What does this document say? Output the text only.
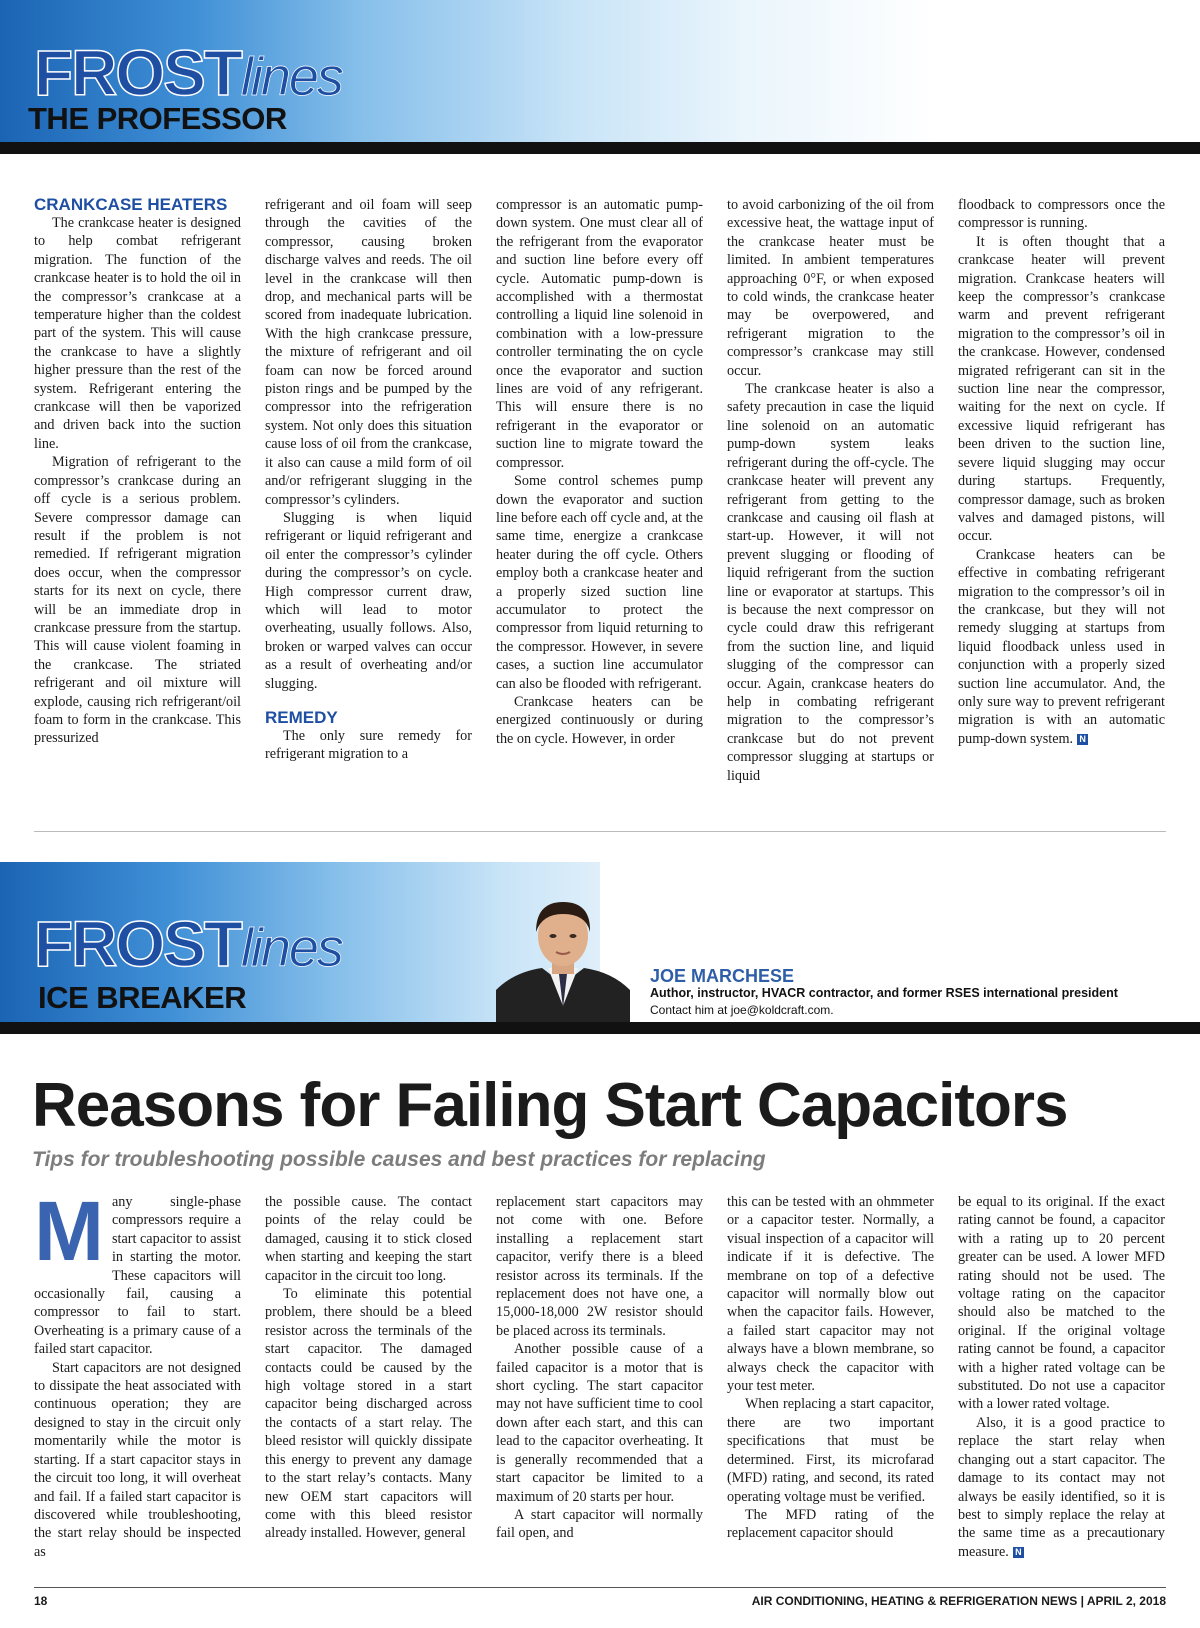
FROSTlines
THE PROFESSOR

CRANKCASE HEATERS

The crankcase heater is designed to help combat refrigerant migration. The function of the crankcase heater is to hold the oil in the compressor’s crankcase at a temperature higher than the coldest part of the system. This will cause the crankcase to have a slightly higher pressure than the rest of the system. Refrigerant entering the crankcase will then be vaporized and driven back into the suction line.

Migration of refrigerant to the compressor’s crankcase during an off cycle is a serious problem. Severe compressor damage can result if the problem is not remedied. If refrigerant migration does occur, when the compressor starts for its next on cycle, there will be an immediate drop in crankcase pressure from the startup. This will cause violent foaming in the crankcase. The striated refrigerant and oil mixture will explode, causing rich refrigerant/oil foam to form in the crankcase. This pressurized

refrigerant and oil foam will seep through the cavities of the compressor, causing broken discharge valves and reeds. The oil level in the crankcase will then drop, and mechanical parts will be scored from inadequate lubrication. With the high crankcase pressure, the mixture of refrigerant and oil foam can now be forced around piston rings and be pumped by the compressor into the refrigeration system. Not only does this situation cause loss of oil from the crankcase, it also can cause a mild form of oil and/or refrigerant slugging in the compressor’s cylinders.

Slugging is when liquid refrigerant or liquid refrigerant and oil enter the compressor’s cylinder during the compressor’s on cycle. High compressor current draw, which will lead to motor overheating, usually follows. Also, broken or warped valves can occur as a result of overheating and/or slugging.

REMEDY

The only sure remedy for refrigerant migration to a

compressor is an automatic pump-down system. One must clear all of the refrigerant from the evaporator and suction line before every off cycle. Automatic pump-down is accomplished with a thermostat controlling a liquid line solenoid in combination with a low-pressure controller terminating the on cycle once the evaporator and suction lines are void of any refrigerant. This will ensure there is no refrigerant in the evaporator or suction line to migrate toward the compressor.

Some control schemes pump down the evaporator and suction line before each off cycle and, at the same time, energize a crankcase heater during the off cycle. Others employ both a crankcase heater and a properly sized suction line accumulator to protect the compressor from liquid returning to the compressor. However, in severe cases, a suction line accumulator can also be flooded with refrigerant.

Crankcase heaters can be energized continuously or during the on cycle. However, in order

to avoid carbonizing of the oil from excessive heat, the wattage input of the crankcase heater must be limited. In ambient temperatures approaching 0°F, or when exposed to cold winds, the crankcase heater may be overpowered, and refrigerant migration to the compressor’s crankcase may still occur.

The crankcase heater is also a safety precaution in case the liquid line solenoid on an automatic pump-down system leaks refrigerant during the off-cycle. The crankcase heater will prevent any refrigerant from getting to the crankcase and causing oil flash at start-up. However, it will not prevent slugging or flooding of liquid refrigerant from the suction line or evaporator at startups. This is because the next compressor on cycle could draw this refrigerant from the suction line, and liquid slugging of the compressor can occur. Again, crankcase heaters do help in combating refrigerant migration to the compressor’s crankcase but do not prevent compressor slugging at startups or liquid

floodback to compressors once the compressor is running.

It is often thought that a crankcase heater will prevent migration. Crankcase heaters will keep the compressor’s crankcase warm and prevent refrigerant migration to the compressor’s oil in the crankcase. However, condensed migrated refrigerant can sit in the suction line near the compressor, waiting for the next on cycle. If excessive liquid refrigerant has been driven to the suction line, severe liquid slugging may occur during startups. Frequently, compressor damage, such as broken valves and damaged pistons, will occur.

Crankcase heaters can be effective in combating refrigerant migration to the compressor’s oil in the crankcase, but they will not remedy slugging at startups from liquid floodback unless used in conjunction with a properly sized suction line accumulator. And, the only sure way to prevent refrigerant migration is with an automatic pump-down system. N

FROSTlines
ICE BREAKER
JOE MARCHESE
Author, instructor, HVACR contractor, and former RSES international president
Contact him at joe@koldcraft.com.
Reasons for Failing Start Capacitors
Tips for troubleshooting possible causes and best practices for replacing

Many single-phase compressors require a start capacitor to assist in starting the motor. These capacitors will occasionally fail, causing a compressor to fail to start. Overheating is a primary cause of a failed start capacitor.

Start capacitors are not designed to dissipate the heat associated with continuous operation; they are designed to stay in the circuit only momentarily while the motor is starting. If a start capacitor stays in the circuit too long, it will overheat and fail. If a failed start capacitor is discovered while troubleshooting, the start relay should be inspected as

the possible cause. The contact points of the relay could be damaged, causing it to stick closed when starting and keeping the start capacitor in the circuit too long.

To eliminate this potential problem, there should be a bleed resistor across the terminals of the start capacitor. The damaged contacts could be caused by the high voltage stored in a start capacitor being discharged across the contacts of a start relay. The bleed resistor will quickly dissipate this energy to prevent any damage to the start relay’s contacts. Many new OEM start capacitors will come with this bleed resistor already installed. However, general

replacement start capacitors may not come with one. Before installing a replacement start capacitor, verify there is a bleed resistor across its terminals. If the replacement does not have one, a 15,000-18,000 2W resistor should be placed across its terminals.

Another possible cause of a failed capacitor is a motor that is short cycling. The start capacitor may not have sufficient time to cool down after each start, and this can lead to the capacitor overheating. It is generally recommended that a start capacitor be limited to a maximum of 20 starts per hour.

A start capacitor will normally fail open, and

this can be tested with an ohmmeter or a capacitor tester. Normally, a visual inspection of a capacitor will indicate if it is defective. The membrane on top of a defective capacitor will normally blow out when the capacitor fails. However, a failed start capacitor may not always have a blown membrane, so always check the capacitor with your test meter.

When replacing a start capacitor, there are two important specifications that must be determined. First, its microfarad (MFD) rating, and second, its rated operating voltage must be verified.

The MFD rating of the replacement capacitor should

be equal to its original. If the exact rating cannot be found, a capacitor with a rating up to 20 percent greater can be used. A lower MFD rating should not be used. The voltage rating on the capacitor should also be matched to the original. If the original voltage rating cannot be found, a capacitor with a higher rated voltage can be substituted. Do not use a capacitor with a lower rated voltage.

Also, it is a good practice to replace the start relay when changing out a start capacitor. The damage to its contact may not always be easily identified, so it is best to simply replace the relay at the same time as a precautionary measure. N

18	AIR CONDITIONING, HEATING & REFRIGERATION NEWS | APRIL 2, 2018
